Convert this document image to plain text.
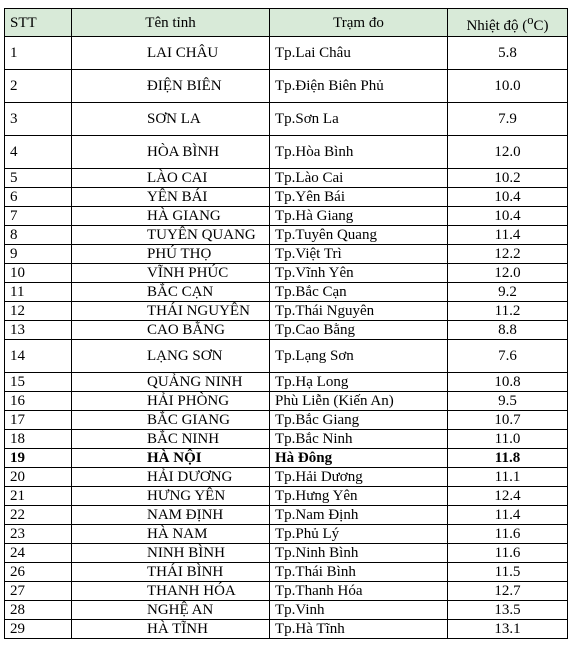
STT	Tên tỉnh	Trạm đo	Nhiệt độ ($^o$C)
1	LAI CHÂU	Tp.Lai Châu	5.8
2	ĐIỆN BIÊN	Tp.Điện Biên Phủ	10.0
3	SƠN LA	Tp.Sơn La	7.9
4	HÒA BÌNH	Tp.Hòa Bình	12.0
5	LÀO CAI	Tp.Lào Cai	10.2
6	YÊN BÁI	Tp.Yên Bái	10.4
7	HÀ GIANG	Tp.Hà Giang	10.4
8	TUYÊN QUANG	Tp.Tuyên Quang	11.4
9	PHÚ THỌ	Tp.Việt Trì	12.2
10	VĨNH PHÚC	Tp.Vĩnh Yên	12.0
11	BẮC CẠN	Tp.Bắc Cạn	9.2
12	THÁI NGUYÊN	Tp.Thái Nguyên	11.2
13	CAO BẰNG	Tp.Cao Bằng	8.8
14	LẠNG SƠN	Tp.Lạng Sơn	7.6
15	QUẢNG NINH	Tp.Hạ Long	10.8
16	HẢI PHÒNG	Phù Liễn (Kiến An)	9.5
17	BẮC GIANG	Tp.Bắc Giang	10.7
18	BẮC NINH	Tp.Bắc Ninh	11.0
19	HÀ NỘI	Hà Đông	11.8
20	HẢI DƯƠNG	Tp.Hải Dương	11.1
21	HƯNG YÊN	Tp.Hưng Yên	12.4
22	NAM ĐỊNH	Tp.Nam Định	11.4
23	HÀ NAM	Tp.Phủ Lý	11.6
24	NINH BÌNH	Tp.Ninh Bình	11.6
26	THÁI BÌNH	Tp.Thái Bình	11.5
27	THANH HÓA	Tp.Thanh Hóa	12.7
28	NGHỆ AN	Tp.Vinh	13.5
29	HÀ TĨNH	Tp.Hà Tĩnh	13.1
